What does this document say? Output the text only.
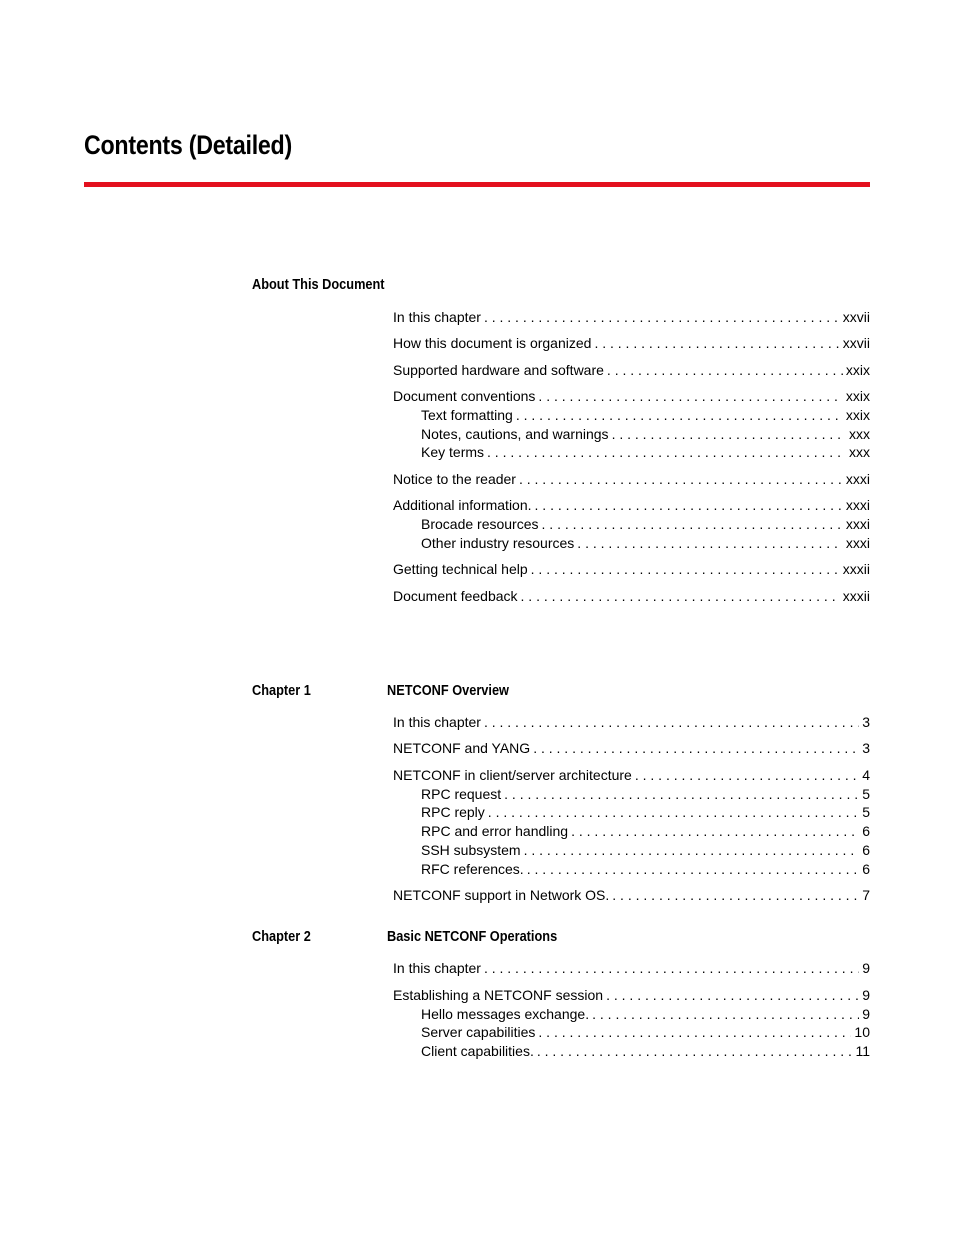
Contents (Detailed)
About This Document
In this chapter . . .	xxvii
How this document is organized . . .	xxvii
Supported hardware and software . . .	xxix
Document conventions . . .	xxix
Text formatting . . .	xxix
Notes, cautions, and warnings . . .	xxx
Key terms . . .	xxx
Notice to the reader . . .	xxxi
Additional information. . . .	xxxi
Brocade resources . . .	xxxi
Other industry resources . . .	xxxi
Getting technical help . . .	xxxii
Document feedback . . .	xxxii
Chapter 1	NETCONF Overview
In this chapter . . .	3
NETCONF and YANG . . .	3
NETCONF in client/server architecture . . .	4
RPC request . . .	5
RPC reply . . .	5
RPC and error handling . . .	6
SSH subsystem . . .	6
RFC references. . . .	6
NETCONF support in Network OS. . . .	7
Chapter 2	Basic NETCONF Operations
In this chapter . . .	9
Establishing a NETCONF session . . .	9
Hello messages exchange. . . .	9
Server capabilities . . .	10
Client capabilities. . . .	11
